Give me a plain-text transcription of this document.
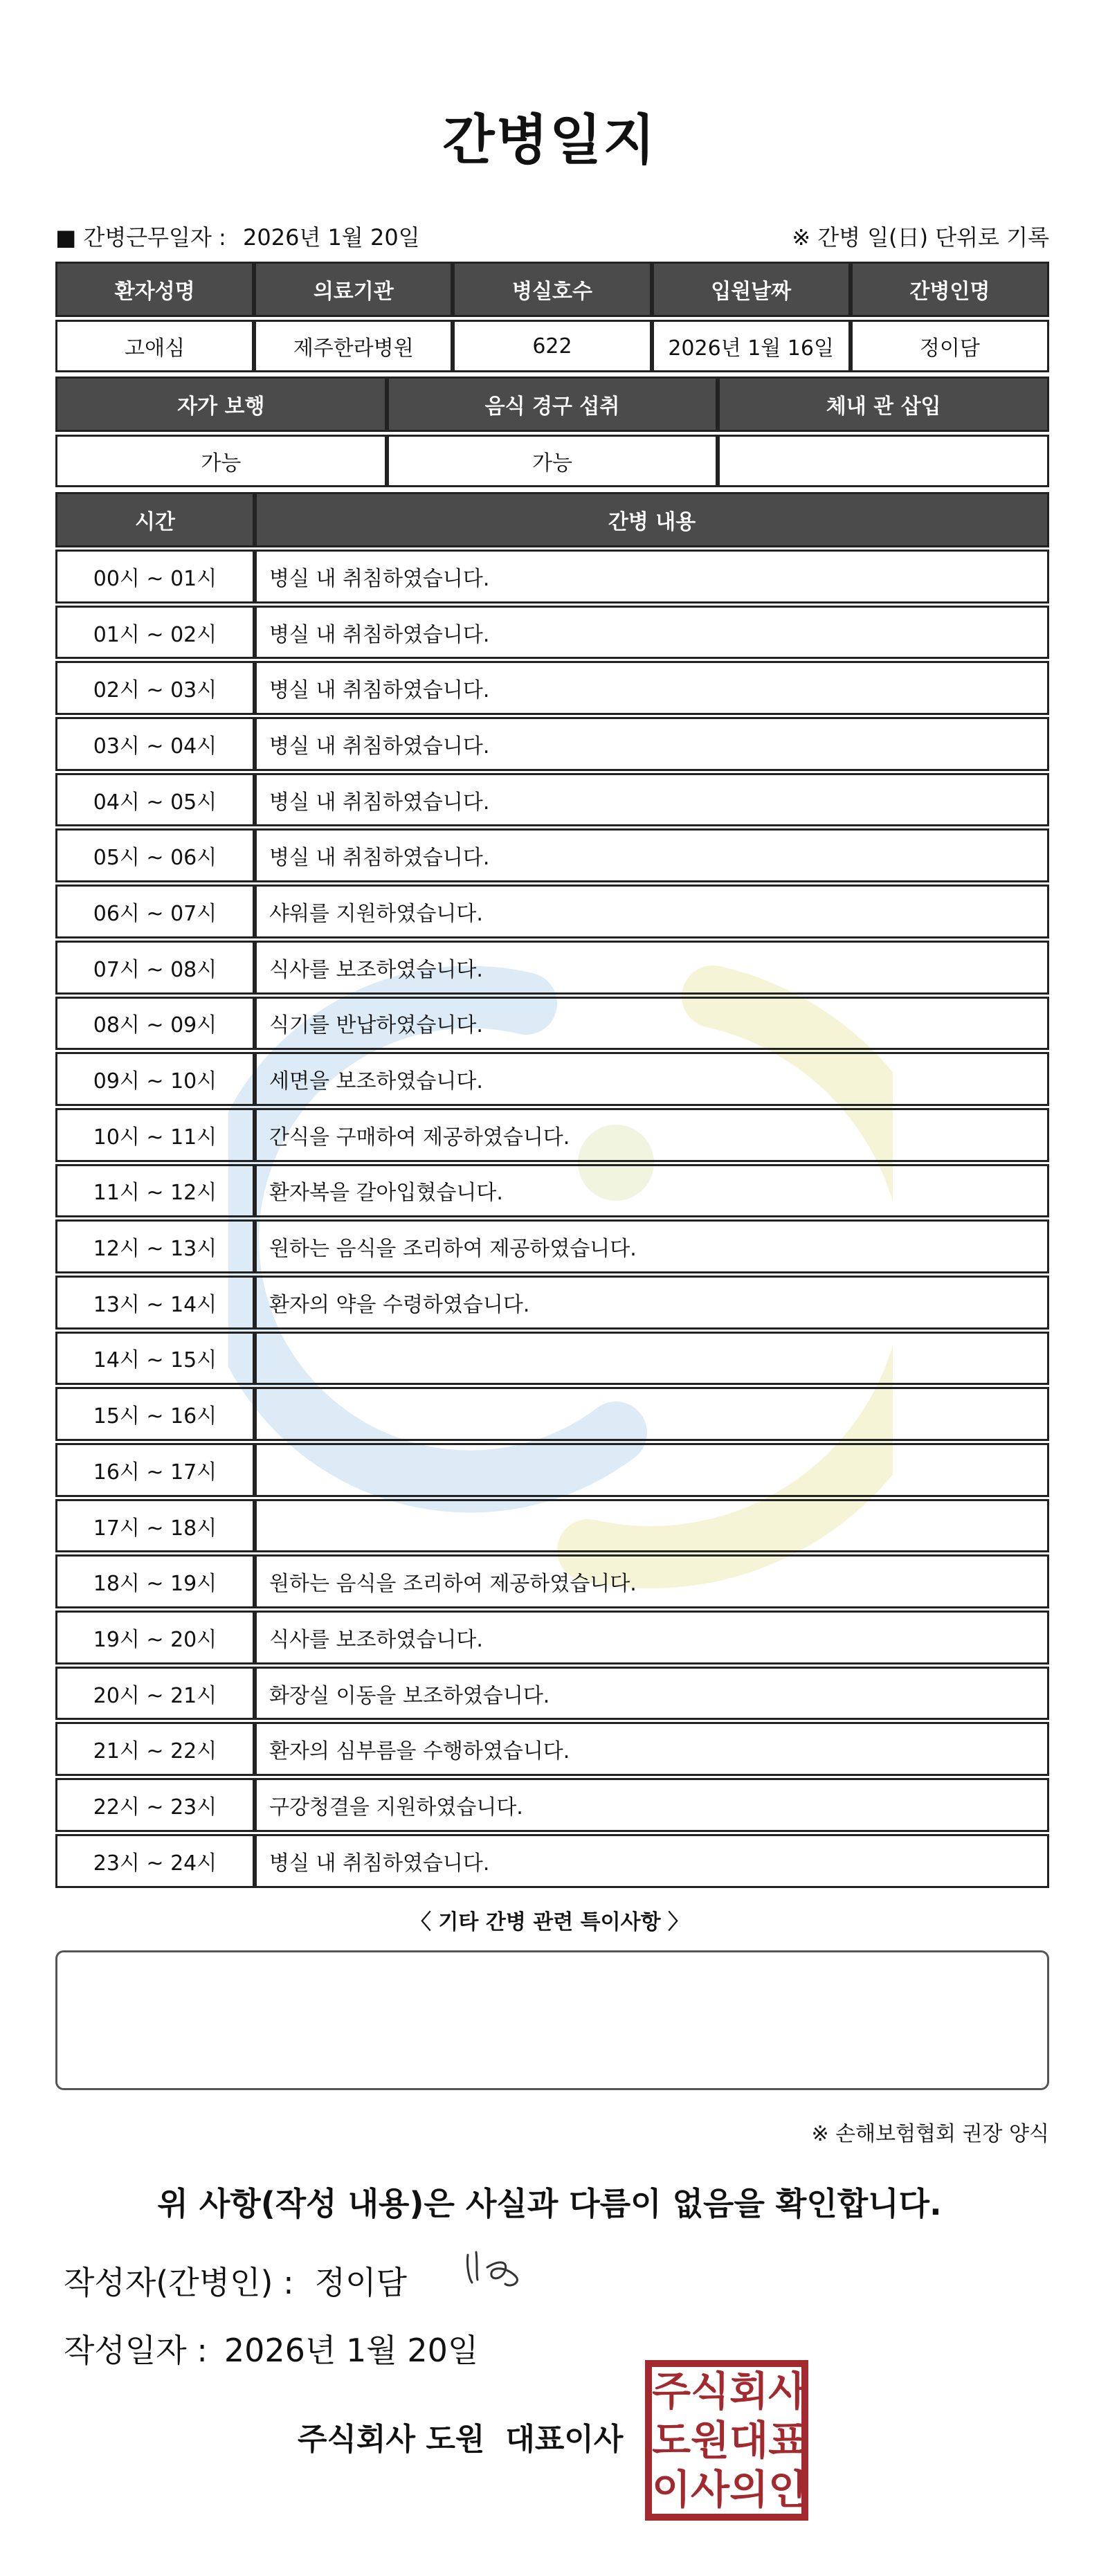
간병일지
■ 간병근무일자 : 2026년 1월 20일	※ 간병 일(日) 단위로 기록
환자성명	의료기관	병실호수	입원날짜	간병인명
고애심	제주한라병원	622	2026년 1월 16일	정이담
자가 보행	음식 경구 섭취	체내 관 삽입
가능	가능	
시간	간병 내용
00시 ~ 01시	병실 내 취침하였습니다.
01시 ~ 02시	병실 내 취침하였습니다.
02시 ~ 03시	병실 내 취침하였습니다.
03시 ~ 04시	병실 내 취침하였습니다.
04시 ~ 05시	병실 내 취침하였습니다.
05시 ~ 06시	병실 내 취침하였습니다.
06시 ~ 07시	샤워를 지원하였습니다.
07시 ~ 08시	식사를 보조하였습니다.
08시 ~ 09시	식기를 반납하였습니다.
09시 ~ 10시	세면을 보조하였습니다.
10시 ~ 11시	간식을 구매하여 제공하였습니다.
11시 ~ 12시	환자복을 갈아입혔습니다.
12시 ~ 13시	원하는 음식을 조리하여 제공하였습니다.
13시 ~ 14시	환자의 약을 수령하였습니다.
14시 ~ 15시	
15시 ~ 16시	
16시 ~ 17시	
17시 ~ 18시	
18시 ~ 19시	원하는 음식을 조리하여 제공하였습니다.
19시 ~ 20시	식사를 보조하였습니다.
20시 ~ 21시	화장실 이동을 보조하였습니다.
21시 ~ 22시	환자의 심부름을 수행하였습니다.
22시 ~ 23시	구강청결을 지원하였습니다.
23시 ~ 24시	병실 내 취침하였습니다.
〈 기타 간병 관련 특이사항 〉
※ 손해보험협회 권장 양식
위 사항(작성 내용)은 사실과 다름이 없음을 확인합니다.
작성자(간병인) : 정이담
작성일자 : 2026년 1월 20일
주식회사 도원 대표이사
주 식 회 사
도 원 대 표
이 사 의 인
